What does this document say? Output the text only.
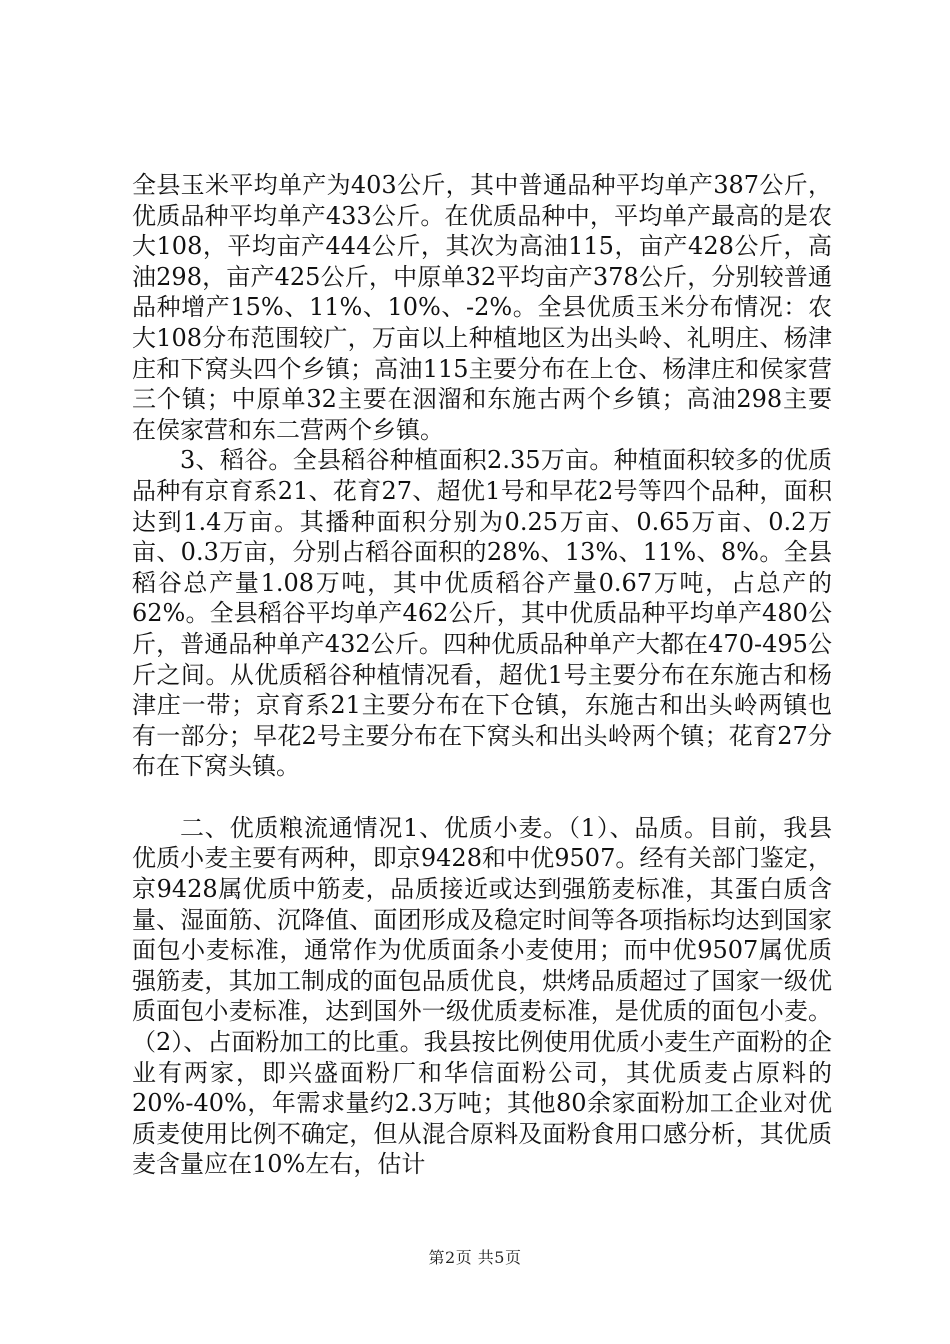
全县玉米平均单产为403公斤，其中普通品种平均单产387公斤，优质品种平均单产433公斤。在优质品种中，平均单产最高的是农大108，平均亩产444公斤，其次为高油115，亩产428公斤，高油298，亩产425公斤，中原单32平均亩产378公斤，分别较普通品种增产15%、11%、10%、-2%。全县优质玉米分布情况：农大108分布范围较广，万亩以上种植地区为出头岭、礼明庄、杨津庄和下窝头四个乡镇；高油115主要分布在上仓、杨津庄和侯家营三个镇；中原单32主要在洇溜和东施古两个乡镇；高油298主要在侯家营和东二营两个乡镇。

3、稻谷。全县稻谷种植面积2.35万亩。种植面积较多的优质品种有京育系21、花育27、超优1号和早花2号等四个品种，面积达到1.4万亩。其播种面积分别为0.25万亩、0.65万亩、0.2万亩、0.3万亩，分别占稻谷面积的28%、13%、11%、8%。全县稻谷总产量1.08万吨，其中优质稻谷产量0.67万吨，占总产的62%。全县稻谷平均单产462公斤，其中优质品种平均单产480公斤，普通品种单产432公斤。四种优质品种单产大都在470-495公斤之间。从优质稻谷种植情况看，超优1号主要分布在东施古和杨津庄一带；京育系21主要分布在下仓镇，东施古和出头岭两镇也有一部分；早花2号主要分布在下窝头和出头岭两个镇；花育27分布在下窝头镇。

二、优质粮流通情况1、优质小麦。（1）、品质。目前，我县优质小麦主要有两种，即京9428和中优9507。经有关部门鉴定，京9428属优质中筋麦，品质接近或达到强筋麦标准，其蛋白质含量、湿面筋、沉降值、面团形成及稳定时间等各项指标均达到国家面包小麦标准，通常作为优质面条小麦使用；而中优9507属优质强筋麦，其加工制成的面包品质优良，烘烤品质超过了国家一级优质面包小麦标准，达到国外一级优质麦标准，是优质的面包小麦。（2）、占面粉加工的比重。我县按比例使用优质小麦生产面粉的企业有两家，即兴盛面粉厂和华信面粉公司，其优质麦占原料的20%-40%，年需求量约2.3万吨；其他80余家面粉加工企业对优质麦使用比例不确定，但从混合原料及面粉食用口感分析，其优质麦含量应在10%左右，估计

第2页 共5页
